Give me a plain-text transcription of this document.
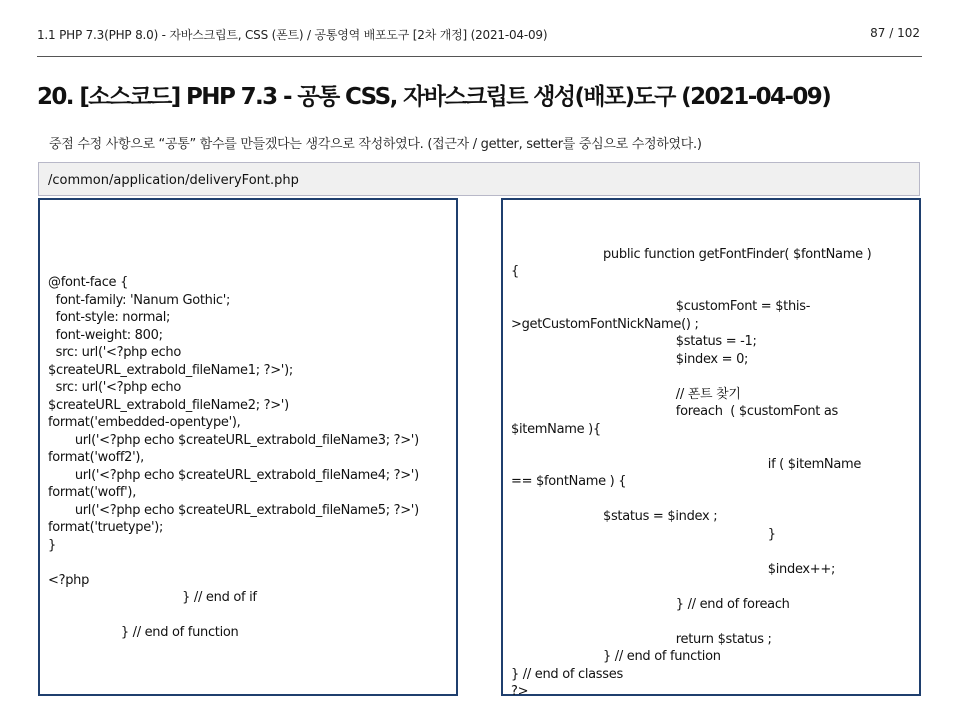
1.1 PHP 7.3(PHP 8.0) - 자바스크립트, CSS (폰트) / 공통영역 배포도구 [2차 개정] (2021-04-09)	87 / 102
20. [소스코드] PHP 7.3 - 공통 CSS, 자바스크립트 생성(배포)도구 (2021-04-09)
중점 수정 사항으로 “공통” 함수를 만들겠다는 생각으로 작성하였다. (접근자 / getter, setter를 중심으로 수정하였다.)
/common/application/deliveryFont.php
@font-face {
font-family: 'Nanum Gothic';
font-style: normal;
font-weight: 800;
src: url('<?php echo
$createURL_extrabold_fileName1; ?>');
src: url('<?php echo
$createURL_extrabold_fileName2; ?>')
format('embedded-opentype'),
url('<?php echo $createURL_extrabold_fileName3; ?>')
format('woff2'),
url('<?php echo $createURL_extrabold_fileName4; ?>')
format('woff'),
url('<?php echo $createURL_extrabold_fileName5; ?>')
format('truetype');
}

<?php
} // end of if

} // end of function

public function getFontFinder( $fontName )
{

$customFont = $this-
>getCustomFontNickName() ;
$status = -1;
$index = 0;

// 폰트 찾기
foreach  ( $customFont as
$itemName ){

if ( $itemName
== $fontName ) {

$status = $index ;
}

$index++;

} // end of foreach

return $status ;
} // end of function
} // end of classes
?>
